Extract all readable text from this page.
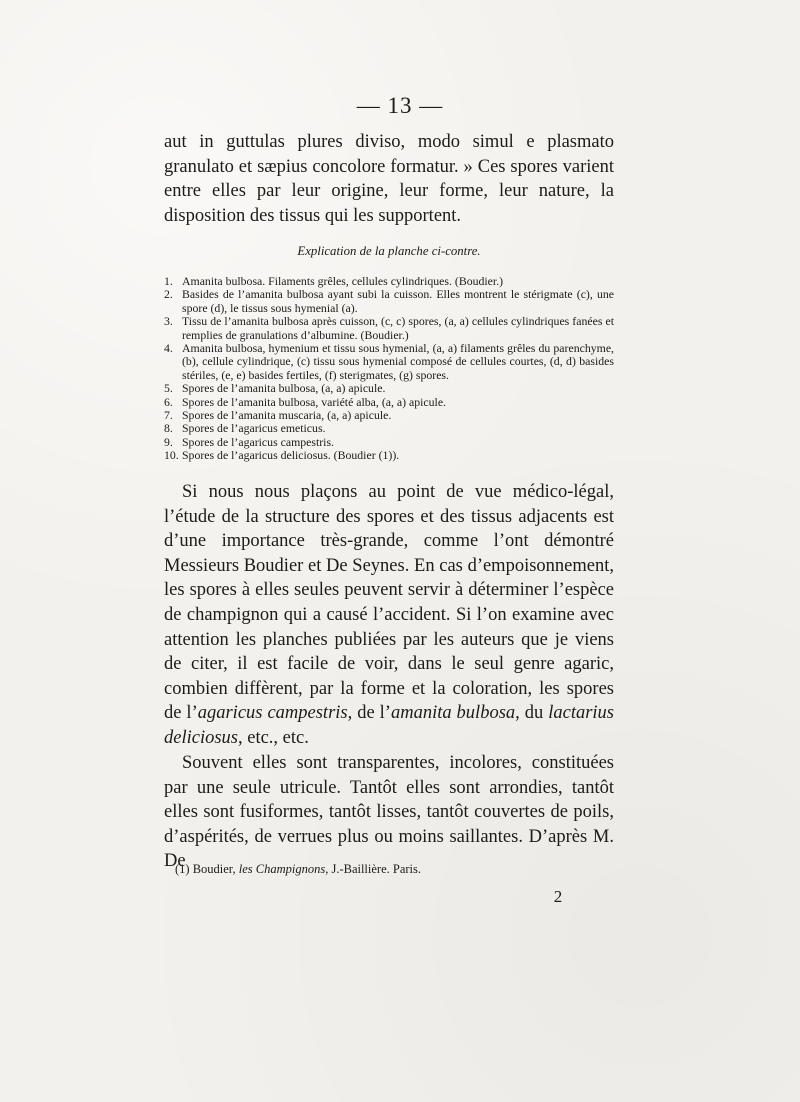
— 13 —

aut in guttulas plures diviso, modo simul e plasmato granulato et sæpius concolore formatur. » Ces spores varient entre elles par leur origine, leur forme, leur nature, la disposition des tissus qui les supportent.

Explication de la planche ci-contre.
1. Amanita bulbosa. Filaments grêles, cellules cylindriques. (Boudier.)
2. Basides de l’amanita bulbosa ayant subi la cuisson. Elles montrent le stérigmate (c), une spore (d), le tissus sous hymenial (a).
3. Tissu de l’amanita bulbosa après cuisson, (c, c) spores, (a, a) cellules cylindriques fanées et remplies de granulations d’albumine. (Boudier.)
4. Amanita bulbosa, hymenium et tissu sous hymenial, (a, a) filaments grêles du parenchyme, (b), cellule cylindrique, (c) tissu sous hymenial composé de cellules courtes, (d, d) basides stériles, (e, e) basides fertiles, (f) sterigmates, (g) spores.
5. Spores de l’amanita bulbosa, (a, a) apicule.
6. Spores de l’amanita bulbosa, variété alba, (a, a) apicule.
7. Spores de l’amanita muscaria, (a, a) apicule.
8. Spores de l’agaricus emeticus.
9. Spores de l’agaricus campestris.
10. Spores de l’agaricus deliciosus. (Boudier (1)).

Si nous nous plaçons au point de vue médico-légal, l’étude de la structure des spores et des tissus adjacents est d’une importance très-grande, comme l’ont démontré Messieurs Boudier et De Seynes. En cas d’empoisonnement, les spores à elles seules peuvent servir à déterminer l’espèce de champignon qui a causé l’accident. Si l’on examine avec attention les planches publiées par les auteurs que je viens de citer, il est facile de voir, dans le seul genre agaric, combien diffèrent, par la forme et la coloration, les spores de l’agaricus campestris, de l’amanita bulbosa, du lactarius deliciosus, etc., etc.

Souvent elles sont transparentes, incolores, constituées par une seule utricule. Tantôt elles sont arrondies, tantôt elles sont fusiformes, tantôt lisses, tantôt couvertes de poils, d’aspérités, de verrues plus ou moins saillantes. D’après M. De

(1) Boudier, les Champignons, J.-Baillière. Paris.

2
